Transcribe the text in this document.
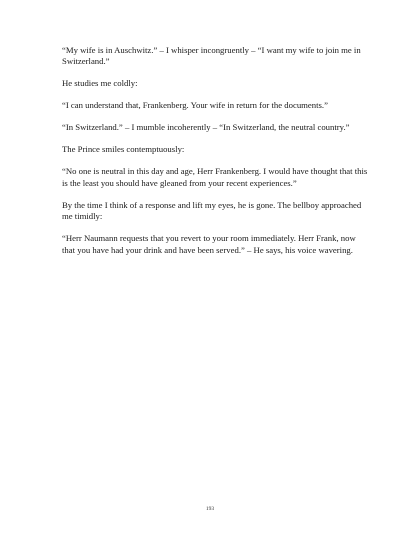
“My wife is in Auschwitz.” – I whisper incongruently – “I want my wife to join me in Switzerland.”

He studies me coldly:

“I can understand that, Frankenberg. Your wife in return for the documents.”

“In Switzerland.” – I mumble incoherently – “In Switzerland, the neutral country.”

The Prince smiles contemptuously:

“No one is neutral in this day and age, Herr Frankenberg. I would have thought that this is the least you should have gleaned from your recent experiences.”

By the time I think of a response and lift my eyes, he is gone. The bellboy approached me timidly:

“Herr Naumann requests that you revert to your room immediately. Herr Frank, now that you have had your drink and have been served.” – He says, his voice wavering.

193
